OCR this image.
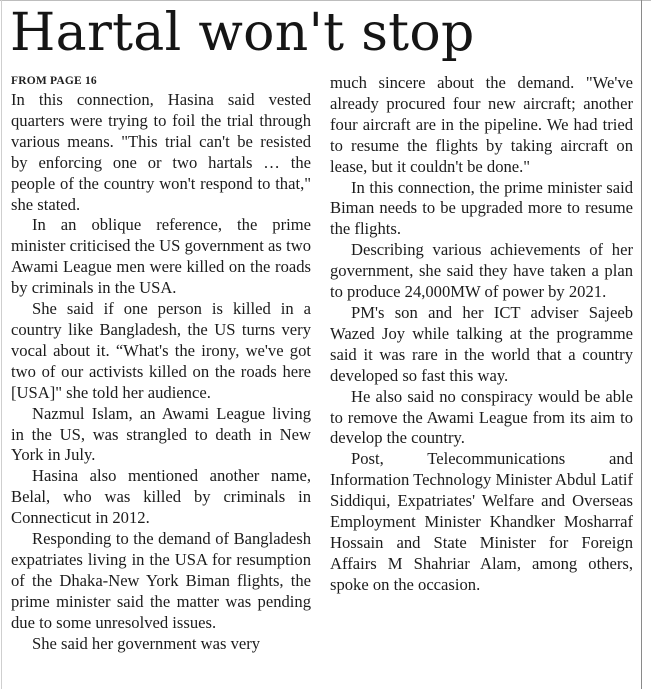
Hartal won't stop
FROM PAGE 16

In this connection, Hasina said vested quarters were trying to foil the trial through various means. "This trial can't be resisted by enforcing one or two hartals … the people of the country won't respond to that," she stated.

In an oblique reference, the prime minister criticised the US government as two Awami League men were killed on the roads by criminals in the USA.

She said if one person is killed in a country like Bangladesh, the US turns very vocal about it. “What's the irony, we've got two of our activists killed on the roads here [USA]" she told her audience.

Nazmul Islam, an Awami League living in the US, was strangled to death in New York in July.

Hasina also mentioned another name, Belal, who was killed by criminals in Connecticut in 2012.

Responding to the demand of Bangladesh expatriates living in the USA for resumption of the Dhaka-New York Biman flights, the prime minister said the matter was pending due to some unresolved issues.

She said her government was very

much sincere about the demand. "We've already procured four new aircraft; another four aircraft are in the pipeline. We had tried to resume the flights by taking aircraft on lease, but it couldn't be done."

In this connection, the prime minister said Biman needs to be upgraded more to resume the flights.

Describing various achievements of her government, she said they have taken a plan to produce 24,000MW of power by 2021.

PM's son and her ICT adviser Sajeeb Wazed Joy while talking at the programme said it was rare in the world that a country developed so fast this way.

He also said no conspiracy would be able to remove the Awami League from its aim to develop the country.

Post, Telecommunications and Information Technology Minister Abdul Latif Siddiqui, Expatriates' Welfare and Overseas Employment Minister Khandker Mosharraf Hossain and State Minister for Foreign Affairs M Shahriar Alam, among others, spoke on the occasion.
